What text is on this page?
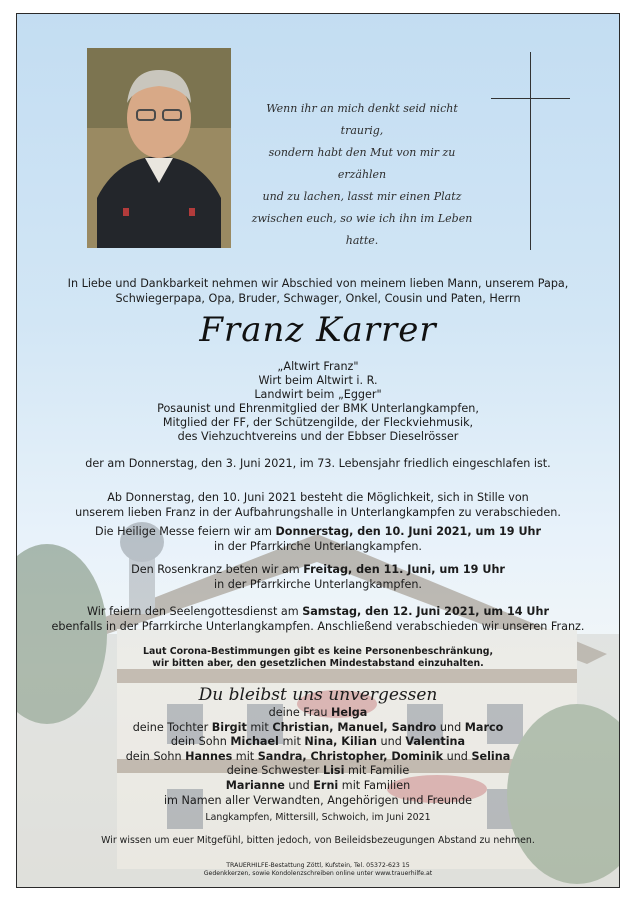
Wenn ihr an mich denkt seid nicht traurig,
sondern habt den Mut von mir zu erzählen
und zu lachen, lasst mir einen Platz
zwischen euch, so wie ich ihn im Leben hatte.
In Liebe und Dankbarkeit nehmen wir Abschied von meinem lieben Mann, unserem Papa,
Schwiegerpapa, Opa, Bruder, Schwager, Onkel, Cousin und Paten, Herrn
Franz Karrer
„Altwirt Franz"
Wirt beim Altwirt i. R.
Landwirt beim „Egger"
Posaunist und Ehrenmitglied der BMK Unterlangkampfen,
Mitglied der FF, der Schützengilde, der Fleckviehmusik,
des Viehzuchtvereins und der Ebbser Dieselrösser
der am Donnerstag, den 3. Juni 2021, im 73. Lebensjahr friedlich eingeschlafen ist.
Ab Donnerstag, den 10. Juni 2021 besteht die Möglichkeit, sich in Stille von
unserem lieben Franz in der Aufbahrungshalle in Unterlangkampfen zu verabschieden.
Die Heilige Messe feiern wir am Donnerstag, den 10. Juni 2021, um 19 Uhr
in der Pfarrkirche Unterlangkampfen.
Den Rosenkranz beten wir am Freitag, den 11. Juni, um 19 Uhr
in der Pfarrkirche Unterlangkampfen.
Wir feiern den Seelengottesdienst am Samstag, den 12. Juni 2021, um 14 Uhr
ebenfalls in der Pfarrkirche Unterlangkampfen. Anschließend verabschieden wir unseren Franz.
Laut Corona-Bestimmungen gibt es keine Personenbeschränkung,
wir bitten aber, den gesetzlichen Mindestabstand einzuhalten.
Du bleibst uns unvergessen
deine Frau Helga
deine Tochter Birgit mit Christian, Manuel, Sandro und Marco
dein Sohn Michael mit Nina, Kilian und Valentina
dein Sohn Hannes mit Sandra, Christopher, Dominik und Selina
deine Schwester Lisi mit Familie
Marianne und Erni mit Familien
im Namen aller Verwandten, Angehörigen und Freunde
Langkampfen, Mittersill, Schwoich, im Juni 2021
Wir wissen um euer Mitgefühl, bitten jedoch, von Beileidsbezeugungen Abstand zu nehmen.
TRAUERHILFE-Bestattung Zöttl, Kufstein, Tel. 05372-623 15
Gedenkkerzen, sowie Kondolenzschreiben online unter www.trauerhilfe.at
